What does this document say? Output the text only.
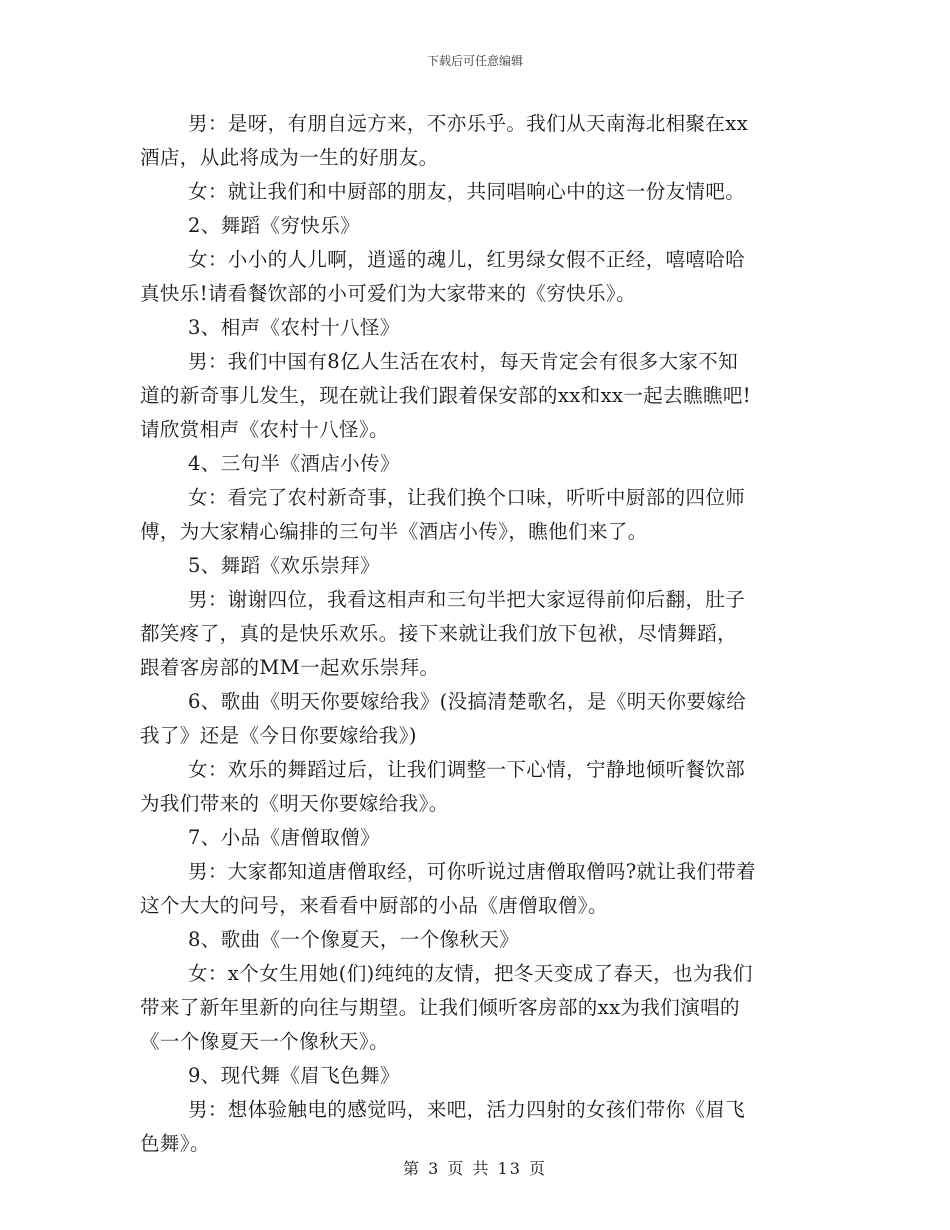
下载后可任意编辑
男：是呀，有朋自远方来，不亦乐乎。我们从天南海北相聚在xx
酒店，从此将成为一生的好朋友。
女：就让我们和中厨部的朋友，共同唱响心中的这一份友情吧。
2、舞蹈《穷快乐》
女：小小的人儿啊，逍遥的魂儿，红男绿女假不正经，嘻嘻哈哈
真快乐!请看餐饮部的小可爱们为大家带来的《穷快乐》。
3、相声《农村十八怪》
男：我们中国有8亿人生活在农村，每天肯定会有很多大家不知
道的新奇事儿发生，现在就让我们跟着保安部的xx和xx一起去瞧瞧吧!
请欣赏相声《农村十八怪》。
4、三句半《酒店小传》
女：看完了农村新奇事，让我们换个口味，听听中厨部的四位师
傅，为大家精心编排的三句半《酒店小传》，瞧他们来了。
5、舞蹈《欢乐崇拜》
男：谢谢四位，我看这相声和三句半把大家逗得前仰后翻，肚子
都笑疼了，真的是快乐欢乐。接下来就让我们放下包袱，尽情舞蹈，
跟着客房部的MM一起欢乐崇拜。
6、歌曲《明天你要嫁给我》(没搞清楚歌名，是《明天你要嫁给
我了》还是《今日你要嫁给我》)
女：欢乐的舞蹈过后，让我们调整一下心情，宁静地倾听餐饮部
为我们带来的《明天你要嫁给我》。
7、小品《唐僧取僧》
男：大家都知道唐僧取经，可你听说过唐僧取僧吗?就让我们带着
这个大大的问号，来看看中厨部的小品《唐僧取僧》。
8、歌曲《一个像夏天，一个像秋天》
女：x个女生用她(们)纯纯的友情，把冬天变成了春天，也为我们
带来了新年里新的向往与期望。让我们倾听客房部的xx为我们演唱的
《一个像夏天一个像秋天》。
9、现代舞《眉飞色舞》
男：想体验触电的感觉吗，来吧，活力四射的女孩们带你《眉飞
色舞》。
第 3 页 共 13 页
